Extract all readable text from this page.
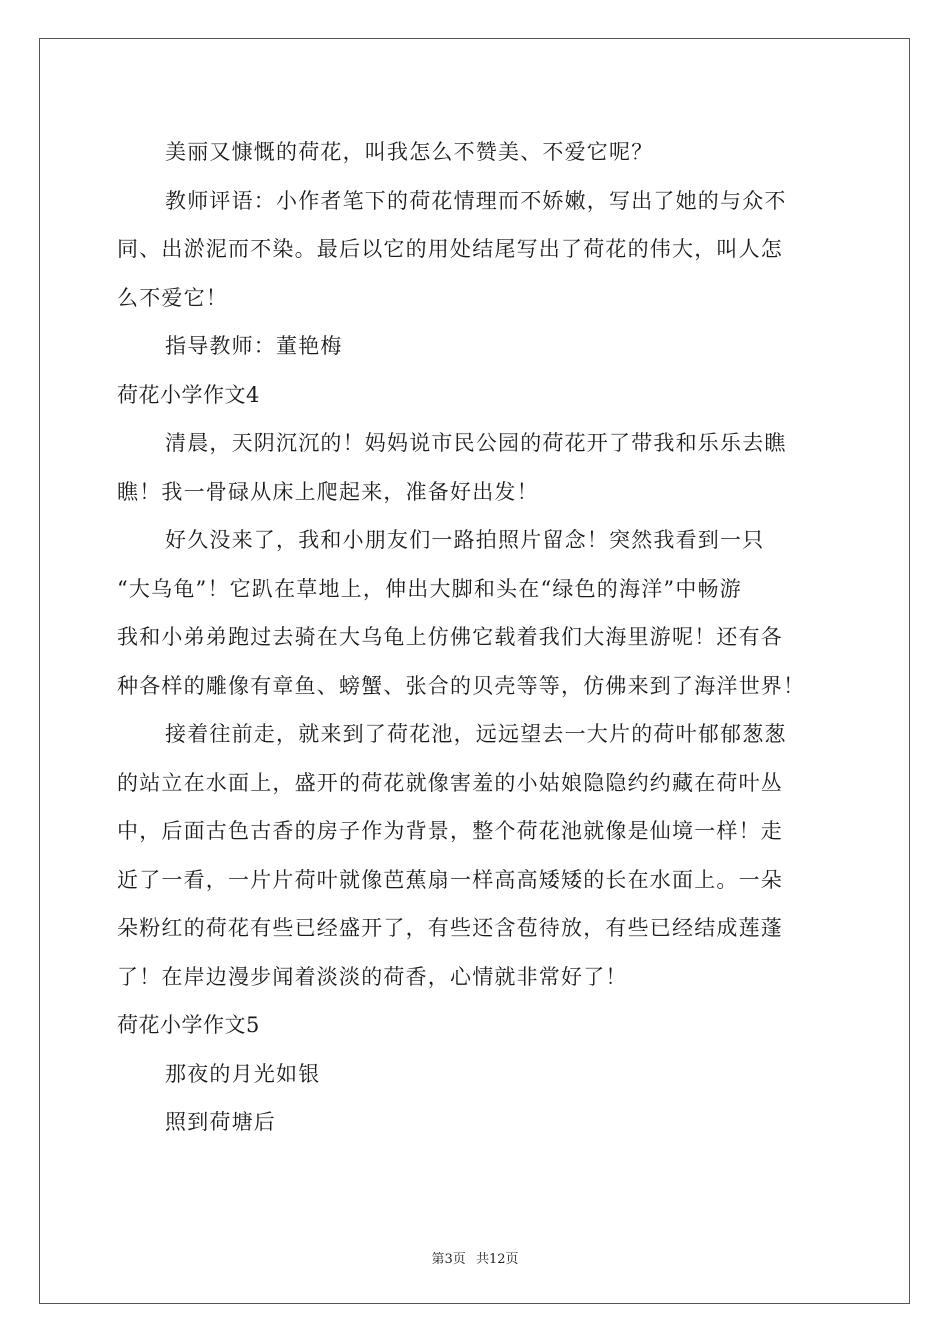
美丽又慷慨的荷花，叫我怎么不赞美、不爱它呢？
教师评语：小作者笔下的荷花情理而不娇嫩，写出了她的与众不
同、出淤泥而不染。最后以它的用处结尾写出了荷花的伟大，叫人怎
么不爱它！
指导教师：董艳梅
荷花小学作文4
清晨，天阴沉沉的！妈妈说市民公园的荷花开了带我和乐乐去瞧
瞧！我一骨碌从床上爬起来，准备好出发！
好久没来了，我和小朋友们一路拍照片留念！突然我看到一只
“大乌龟”！它趴在草地上，伸出大脚和头在“绿色的海洋”中畅游
我和小弟弟跑过去骑在大乌龟上仿佛它载着我们大海里游呢！还有各
种各样的雕像有章鱼、螃蟹、张合的贝壳等等，仿佛来到了海洋世界！
接着往前走，就来到了荷花池，远远望去一大片的荷叶郁郁葱葱
的站立在水面上，盛开的荷花就像害羞的小姑娘隐隐约约藏在荷叶丛
中，后面古色古香的房子作为背景，整个荷花池就像是仙境一样！走
近了一看，一片片荷叶就像芭蕉扇一样高高矮矮的长在水面上。一朵
朵粉红的荷花有些已经盛开了，有些还含苞待放，有些已经结成莲蓬
了！在岸边漫步闻着淡淡的荷香，心情就非常好了！
荷花小学作文5
那夜的月光如银
照到荷塘后
第3页 共12页
